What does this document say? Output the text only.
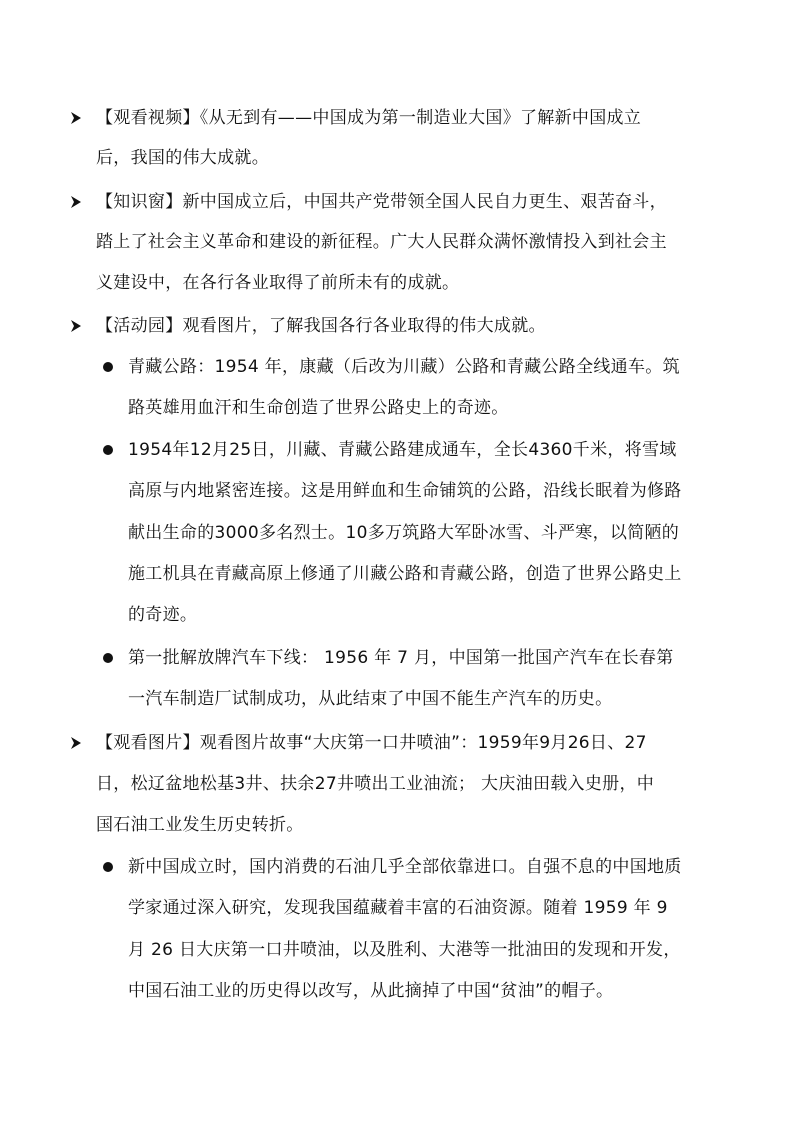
【观看视频】《从无到有——中国成为第一制造业大国》了解新中国成立
后，我国的伟大成就。
【知识窗】新中国成立后，中国共产党带领全国人民自力更生、艰苦奋斗，
踏上了社会主义革命和建设的新征程。广大人民群众满怀激情投入到社会主
义建设中，在各行各业取得了前所未有的成就。
【活动园】观看图片，了解我国各行各业取得的伟大成就。
青藏公路：1954 年，康藏（后改为川藏）公路和青藏公路全线通车。筑
路英雄用血汗和生命创造了世界公路史上的奇迹。
1954年12月25日，川藏、青藏公路建成通车，全长4360千米，将雪域
高原与内地紧密连接。这是用鲜血和生命铺筑的公路，沿线长眠着为修路
献出生命的3000多名烈士。10多万筑路大军卧冰雪、斗严寒，以简陋的
施工机具在青藏高原上修通了川藏公路和青藏公路，创造了世界公路史上
的奇迹。
第一批解放牌汽车下线： 1956 年 7 月，中国第一批国产汽车在长春第
一汽车制造厂试制成功，从此结束了中国不能生产汽车的历史。
【观看图片】观看图片故事“大庆第一口井喷油”：1959年9月26日、27
日，松辽盆地松基3井、扶余27井喷出工业油流； 大庆油田载入史册，中
国石油工业发生历史转折。
新中国成立时，国内消费的石油几乎全部依靠进口。自强不息的中国地质
学家通过深入研究，发现我国蕴藏着丰富的石油资源。随着 1959 年 9
月 26 日大庆第一口井喷油，以及胜利、大港等一批油田的发现和开发，
中国石油工业的历史得以改写，从此摘掉了中国“贫油”的帽子。
